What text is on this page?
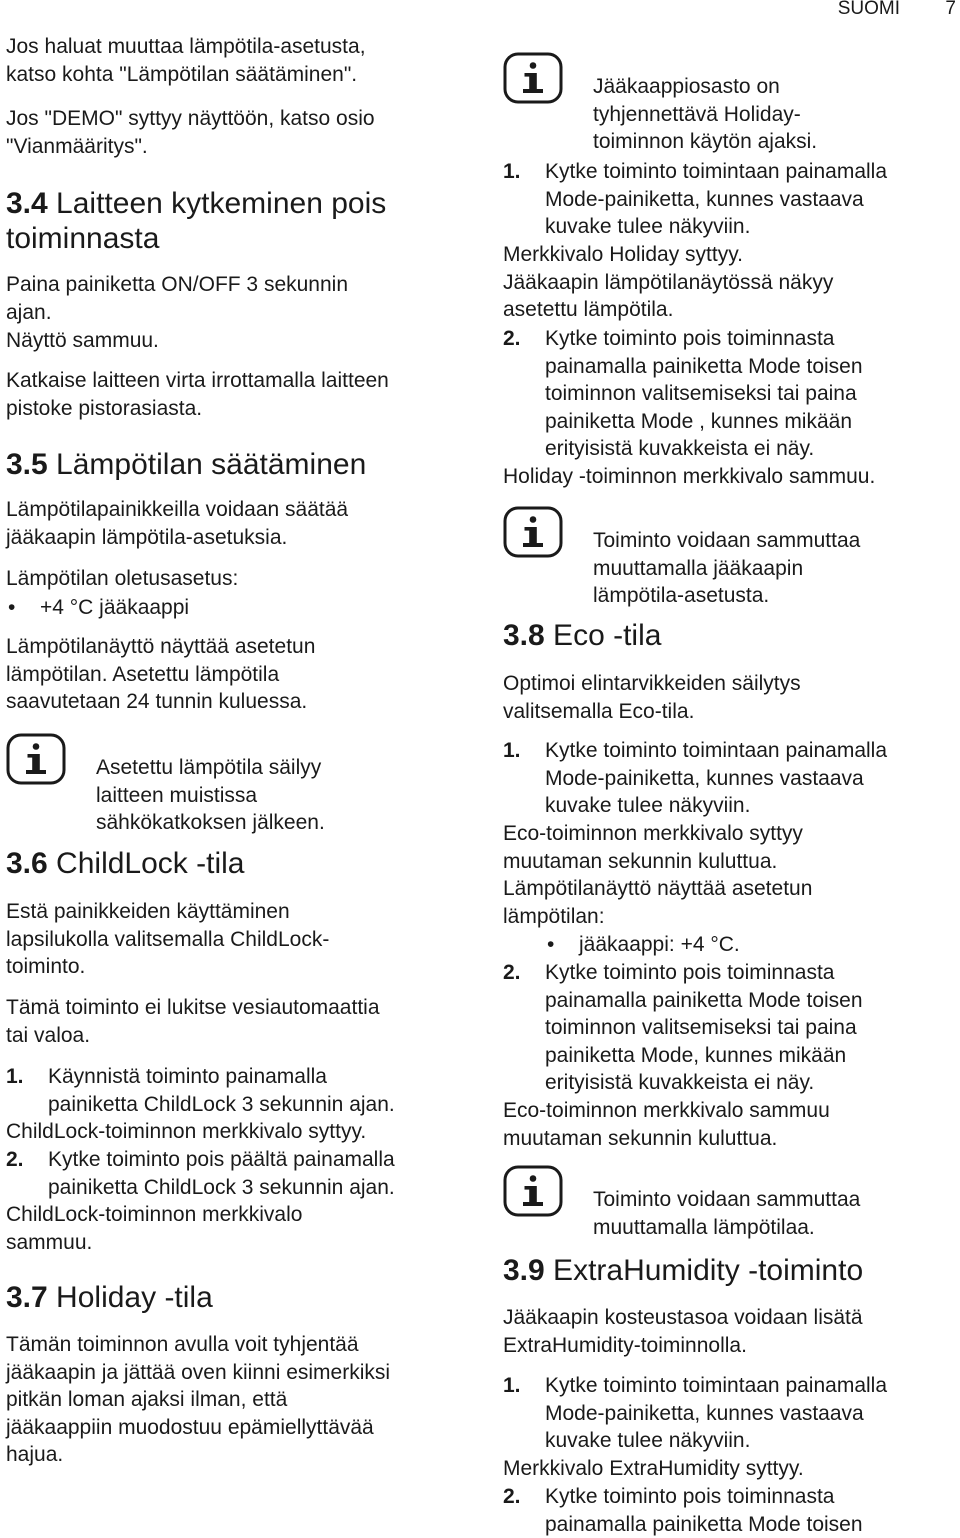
SUOMI 7

Jos haluat muuttaa lämpötila-asetusta,
katso kohta "Lämpötilan säätäminen".

Jos "DEMO" syttyy näyttöön, katso osio
"Vianmääritys".

3.4 Laitteen kytkeminen pois
toiminnasta

Paina painiketta ON/OFF 3 sekunnin
ajan.

Näyttö sammuu.

Katkaise laitteen virta irrottamalla laitteen
pistoke pistorasiasta.

3.5 Lämpötilan säätäminen

Lämpötilapainikkeilla voidaan säätää
jääkaapin lämpötila-asetuksia.

Lämpötilan oletusasetus:

• +4 °C jääkaappi

Lämpötilanäyttö näyttää asetetun
lämpötilan. Asetettu lämpötila
saavutetaan 24 tunnin kuluessa.

Asetettu lämpötila säilyy
laitteen muistissa
sähkökatkoksen jälkeen.

3.6 ChildLock -tila

Estä painikkeiden käyttäminen
lapsilukolla valitsemalla ChildLock-
toiminto.

Tämä toiminto ei lukitse vesiautomaattia
tai valoa.

1. Käynnistä toiminto painamalla
painiketta ChildLock 3 sekunnin ajan.

ChildLock-toiminnon merkkivalo syttyy.

2. Kytke toiminto pois päältä painamalla
painiketta ChildLock 3 sekunnin ajan.

ChildLock-toiminnon merkkivalo
sammuu.

3.7 Holiday -tila

Tämän toiminnon avulla voit tyhjentää
jääkaapin ja jättää oven kiinni esimerkiksi
pitkän loman ajaksi ilman, että
jääkaappiin muodostuu epämiellyttävää
hajua.

Jääkaappiosasto on
tyhjennettävä Holiday-
toiminnon käytön ajaksi.

1. Kytke toiminto toimintaan painamalla
Mode-painiketta, kunnes vastaava
kuvake tulee näkyviin.

Merkkivalo Holiday syttyy.
Jääkaapin lämpötilanäytössä näkyy
asetettu lämpötila.

2. Kytke toiminto pois toiminnasta
painamalla painiketta Mode toisen
toiminnon valitsemiseksi tai paina
painiketta Mode , kunnes mikään
erityisistä kuvakkeista ei näy.

Holiday -toiminnon merkkivalo sammuu.

Toiminto voidaan sammuttaa
muuttamalla jääkaapin
lämpötila-asetusta.

3.8 Eco -tila

Optimoi elintarvikkeiden säilytys
valitsemalla Eco-tila.

1. Kytke toiminto toimintaan painamalla
Mode-painiketta, kunnes vastaava
kuvake tulee näkyviin.

Eco-toiminnon merkkivalo syttyy
muutaman sekunnin kuluttua.
Lämpötilanäyttö näyttää asetetun
lämpötilan:

• jääkaappi: +4 °C.
2. Kytke toiminto pois toiminnasta
painamalla painiketta Mode toisen
toiminnon valitsemiseksi tai paina
painiketta Mode, kunnes mikään
erityisistä kuvakkeista ei näy.

Eco-toiminnon merkkivalo sammuu
muutaman sekunnin kuluttua.

Toiminto voidaan sammuttaa
muuttamalla lämpötilaa.

3.9 ExtraHumidity -toiminto

Jääkaapin kosteustasoa voidaan lisätä
ExtraHumidity-toiminnolla.

1. Kytke toiminto toimintaan painamalla
Mode-painiketta, kunnes vastaava
kuvake tulee näkyviin.

Merkkivalo ExtraHumidity syttyy.

2. Kytke toiminto pois toiminnasta
painamalla painiketta Mode toisen
